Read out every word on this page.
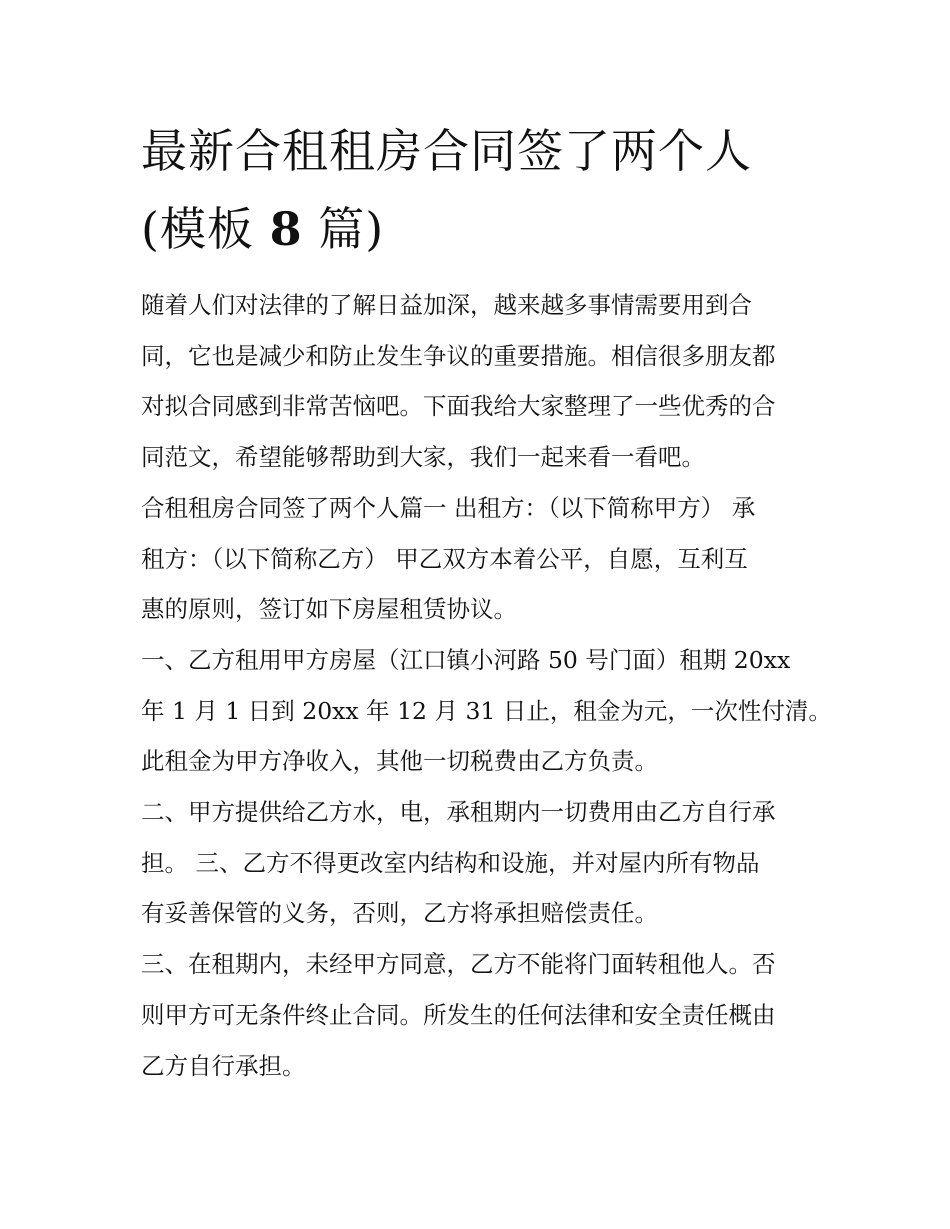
最新合租租房合同签了两个人
(模板 8 篇)

随着人们对法律的了解日益加深，越来越多事情需要用到合
同，它也是减少和防止发生争议的重要措施。相信很多朋友都
对拟合同感到非常苦恼吧。下面我给大家整理了一些优秀的合
同范文，希望能够帮助到大家，我们一起来看一看吧。

合租租房合同签了两个人篇一 出租方：（以下简称甲方） 承
租方：（以下简称乙方） 甲乙双方本着公平，自愿，互利互
惠的原则，签订如下房屋租赁协议。

一、乙方租用甲方房屋（江口镇小河路 50 号门面）租期 20xx
年 1 月 1 日到 20xx 年 12 月 31 日止，租金为元，一次性付清。
此租金为甲方净收入，其他一切税费由乙方负责。

二、甲方提供给乙方水，电，承租期内一切费用由乙方自行承
担。 三、乙方不得更改室内结构和设施，并对屋内所有物品
有妥善保管的义务，否则，乙方将承担赔偿责任。

三、在租期内，未经甲方同意，乙方不能将门面转租他人。否
则甲方可无条件终止合同。所发生的任何法律和安全责任概由
乙方自行承担。
